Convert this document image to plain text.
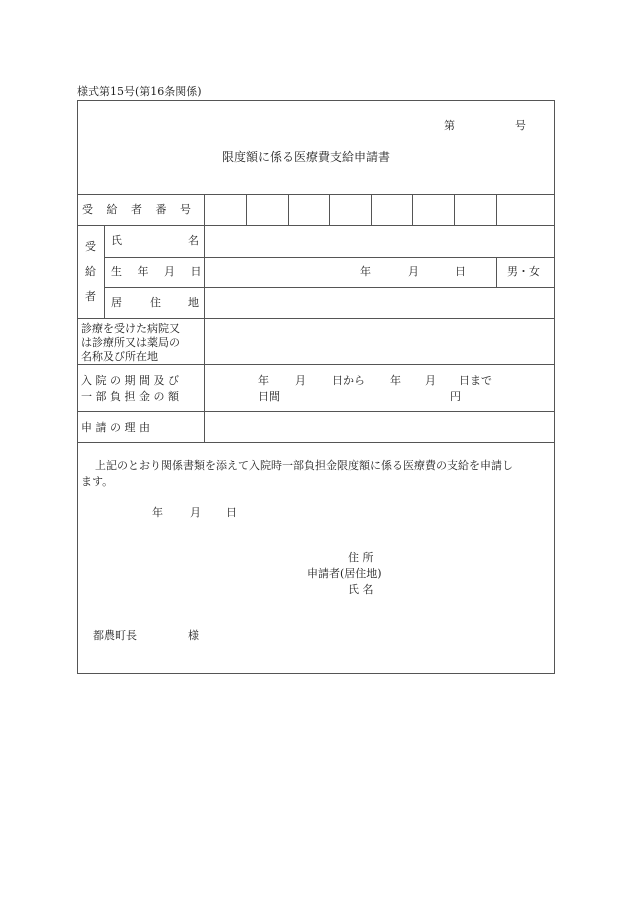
様式第15号(第16条関係)
第	号
限度額に係る医療費支給申請書
受 給 者 番 号
受
給
者
氏	名
生 年 月 日	年	月	日	男・女
居	住 地
診療を受けた病院又
は診療所又は薬局の
名称及び所在地
入 院 の 期 間 及 び
一 部 負 担 金 の 額
年 月 日から 年 月 日まで
日間	円
申 請 の 理 由
上記のとおり関係書類を添えて入院時一部負担金限度額に係る医療費の支給を申請し
ます。
年 月 日
住 所
申請者(居住地)
氏 名
都農町長	様
